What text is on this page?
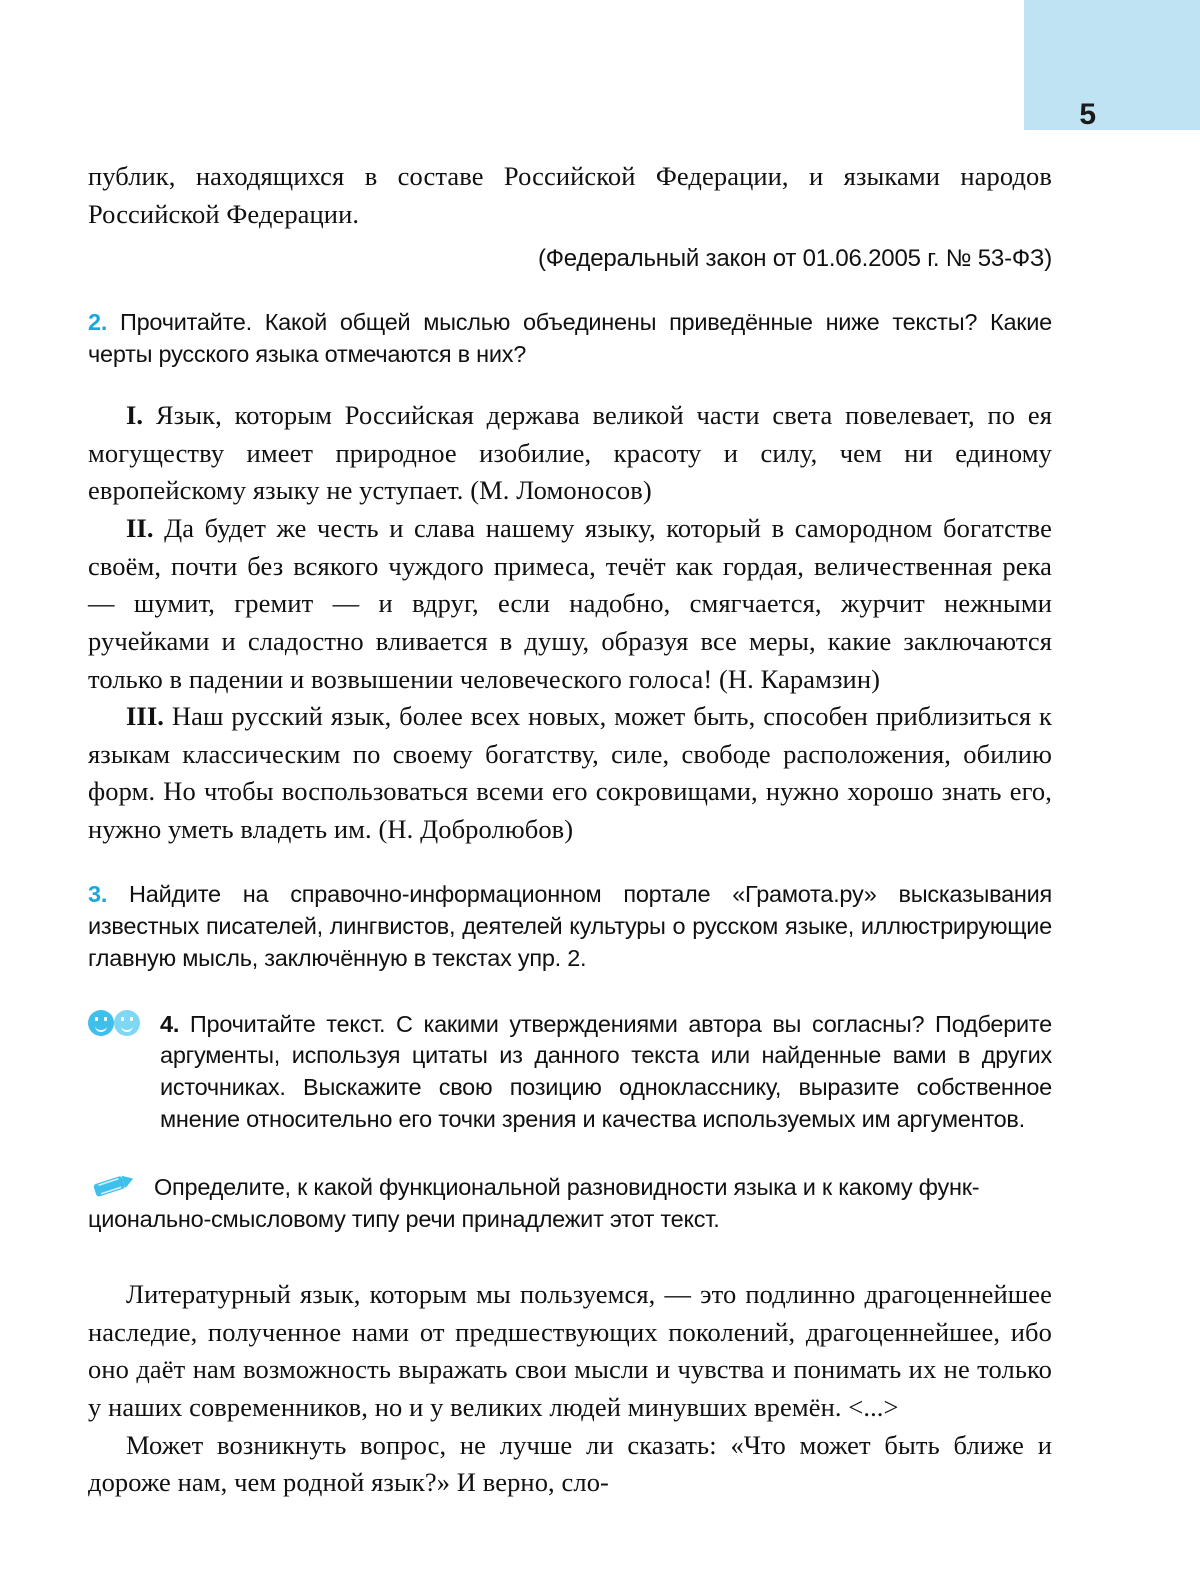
5

публик, находящихся в составе Российской Федерации, и языками народов Российской Федерации.

(Федеральный закон от 01.06.2005 г. № 53-ФЗ)

2. Прочитайте. Какой общей мыслью объединены приведённые ниже тексты? Какие черты русского языка отмечаются в них?

I. Язык, которым Российская держава великой части света повелевает, по ея могуществу имеет природное изобилие, красоту и силу, чем ни единому европейскому языку не уступает. (М. Ломоносов)

II. Да будет же честь и слава нашему языку, который в самородном богатстве своём, почти без всякого чуждого примеса, течёт как гордая, величественная река — шумит, гремит — и вдруг, если надобно, смягчается, журчит нежными ручейками и сладостно вливается в душу, образуя все меры, какие заключаются только в падении и возвышении человеческого голоса! (Н. Карамзин)

III. Наш русский язык, более всех новых, может быть, способен приблизиться к языкам классическим по своему богатству, силе, свободе расположения, обилию форм. Но чтобы воспользоваться всеми его сокровищами, нужно хорошо знать его, нужно уметь владеть им. (Н. Добролюбов)

3. Найдите на справочно-информационном портале «Грамота.ру» высказывания известных писателей, лингвистов, деятелей культуры о русском языке, иллюстрирующие главную мысль, заключённую в текстах упр. 2.

4. Прочитайте текст. С какими утверждениями автора вы согласны? Подберите аргументы, используя цитаты из данного текста или найденные вами в других источниках. Выскажите свою позицию однокласснику, выразите собственное мнение относительно его точки зрения и качества используемых им аргументов.

Определите, к какой функциональной разновидности языка и к какому функ-

ционально-смысловому типу речи принадлежит этот текст.

Литературный язык, которым мы пользуемся, — это подлинно драгоценнейшее наследие, полученное нами от предшествующих поколений, драгоценнейшее, ибо оно даёт нам возможность выражать свои мысли и чувства и понимать их не только у наших современников, но и у великих людей минувших времён. <...>

Может возникнуть вопрос, не лучше ли сказать: «Что может быть ближе и дороже нам, чем родной язык?» И верно, сло-
